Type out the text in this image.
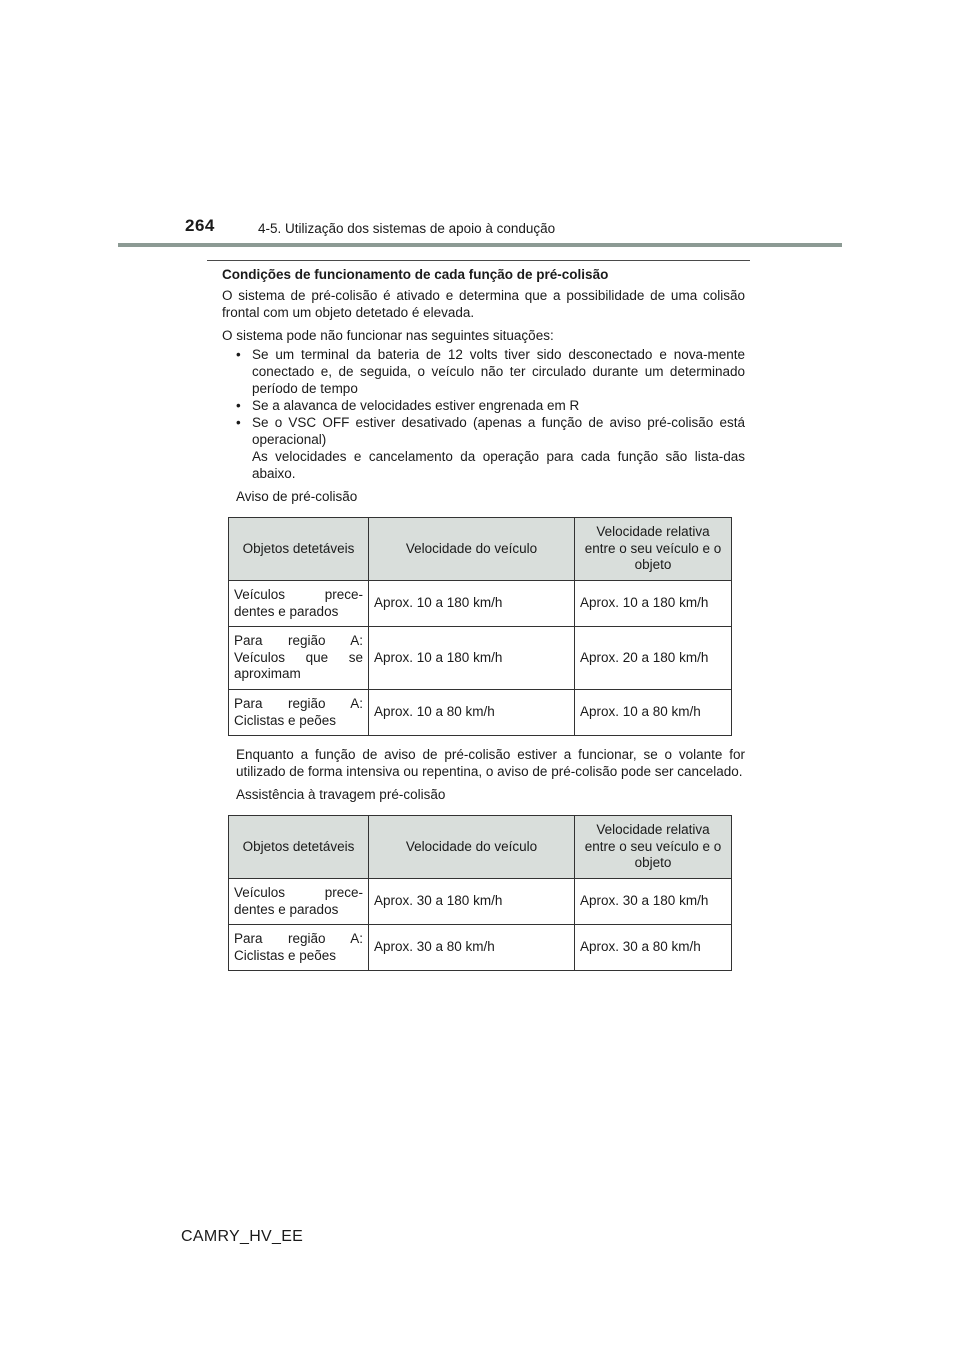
264	4-5. Utilização dos sistemas de apoio à condução

Condições de funcionamento de cada função de pré-colisão

O sistema de pré-colisão é ativado e determina que a possibilidade de uma colisão frontal com um objeto detetado é elevada.

O sistema pode não funcionar nas seguintes situações:

• Se um terminal da bateria de 12 volts tiver sido desconectado e nova-mente conectado e, de seguida, o veículo não ter circulado durante um determinado período de tempo
• Se a alavanca de velocidades estiver engrenada em R
• Se o VSC OFF estiver desativado (apenas a função de aviso pré-colisão está operacional)

As velocidades e cancelamento da operação para cada função são lista-das abaixo.

Aviso de pré-colisão

Objetos detetáveis	Velocidade do veículo	Velocidade relativa entre o seu veículo e o objeto
Veículos prece-dentes e parados	Aprox. 10 a 180 km/h	Aprox. 10 a 180 km/h
Para região A: Veículos que se aproximam	Aprox. 10 a 180 km/h	Aprox. 20 a 180 km/h
Para região A: Ciclistas e peões	Aprox. 10 a 80 km/h	Aprox. 10 a 80 km/h

Enquanto a função de aviso de pré-colisão estiver a funcionar, se o volante for utilizado de forma intensiva ou repentina, o aviso de pré-colisão pode ser cancelado.

Assistência à travagem pré-colisão

Objetos detetáveis	Velocidade do veículo	Velocidade relativa entre o seu veículo e o objeto
Veículos prece-dentes e parados	Aprox. 30 a 180 km/h	Aprox. 30 a 180 km/h
Para região A: Ciclistas e peões	Aprox. 30 a 80 km/h	Aprox. 30 a 80 km/h
CAMRY_HV_EE
